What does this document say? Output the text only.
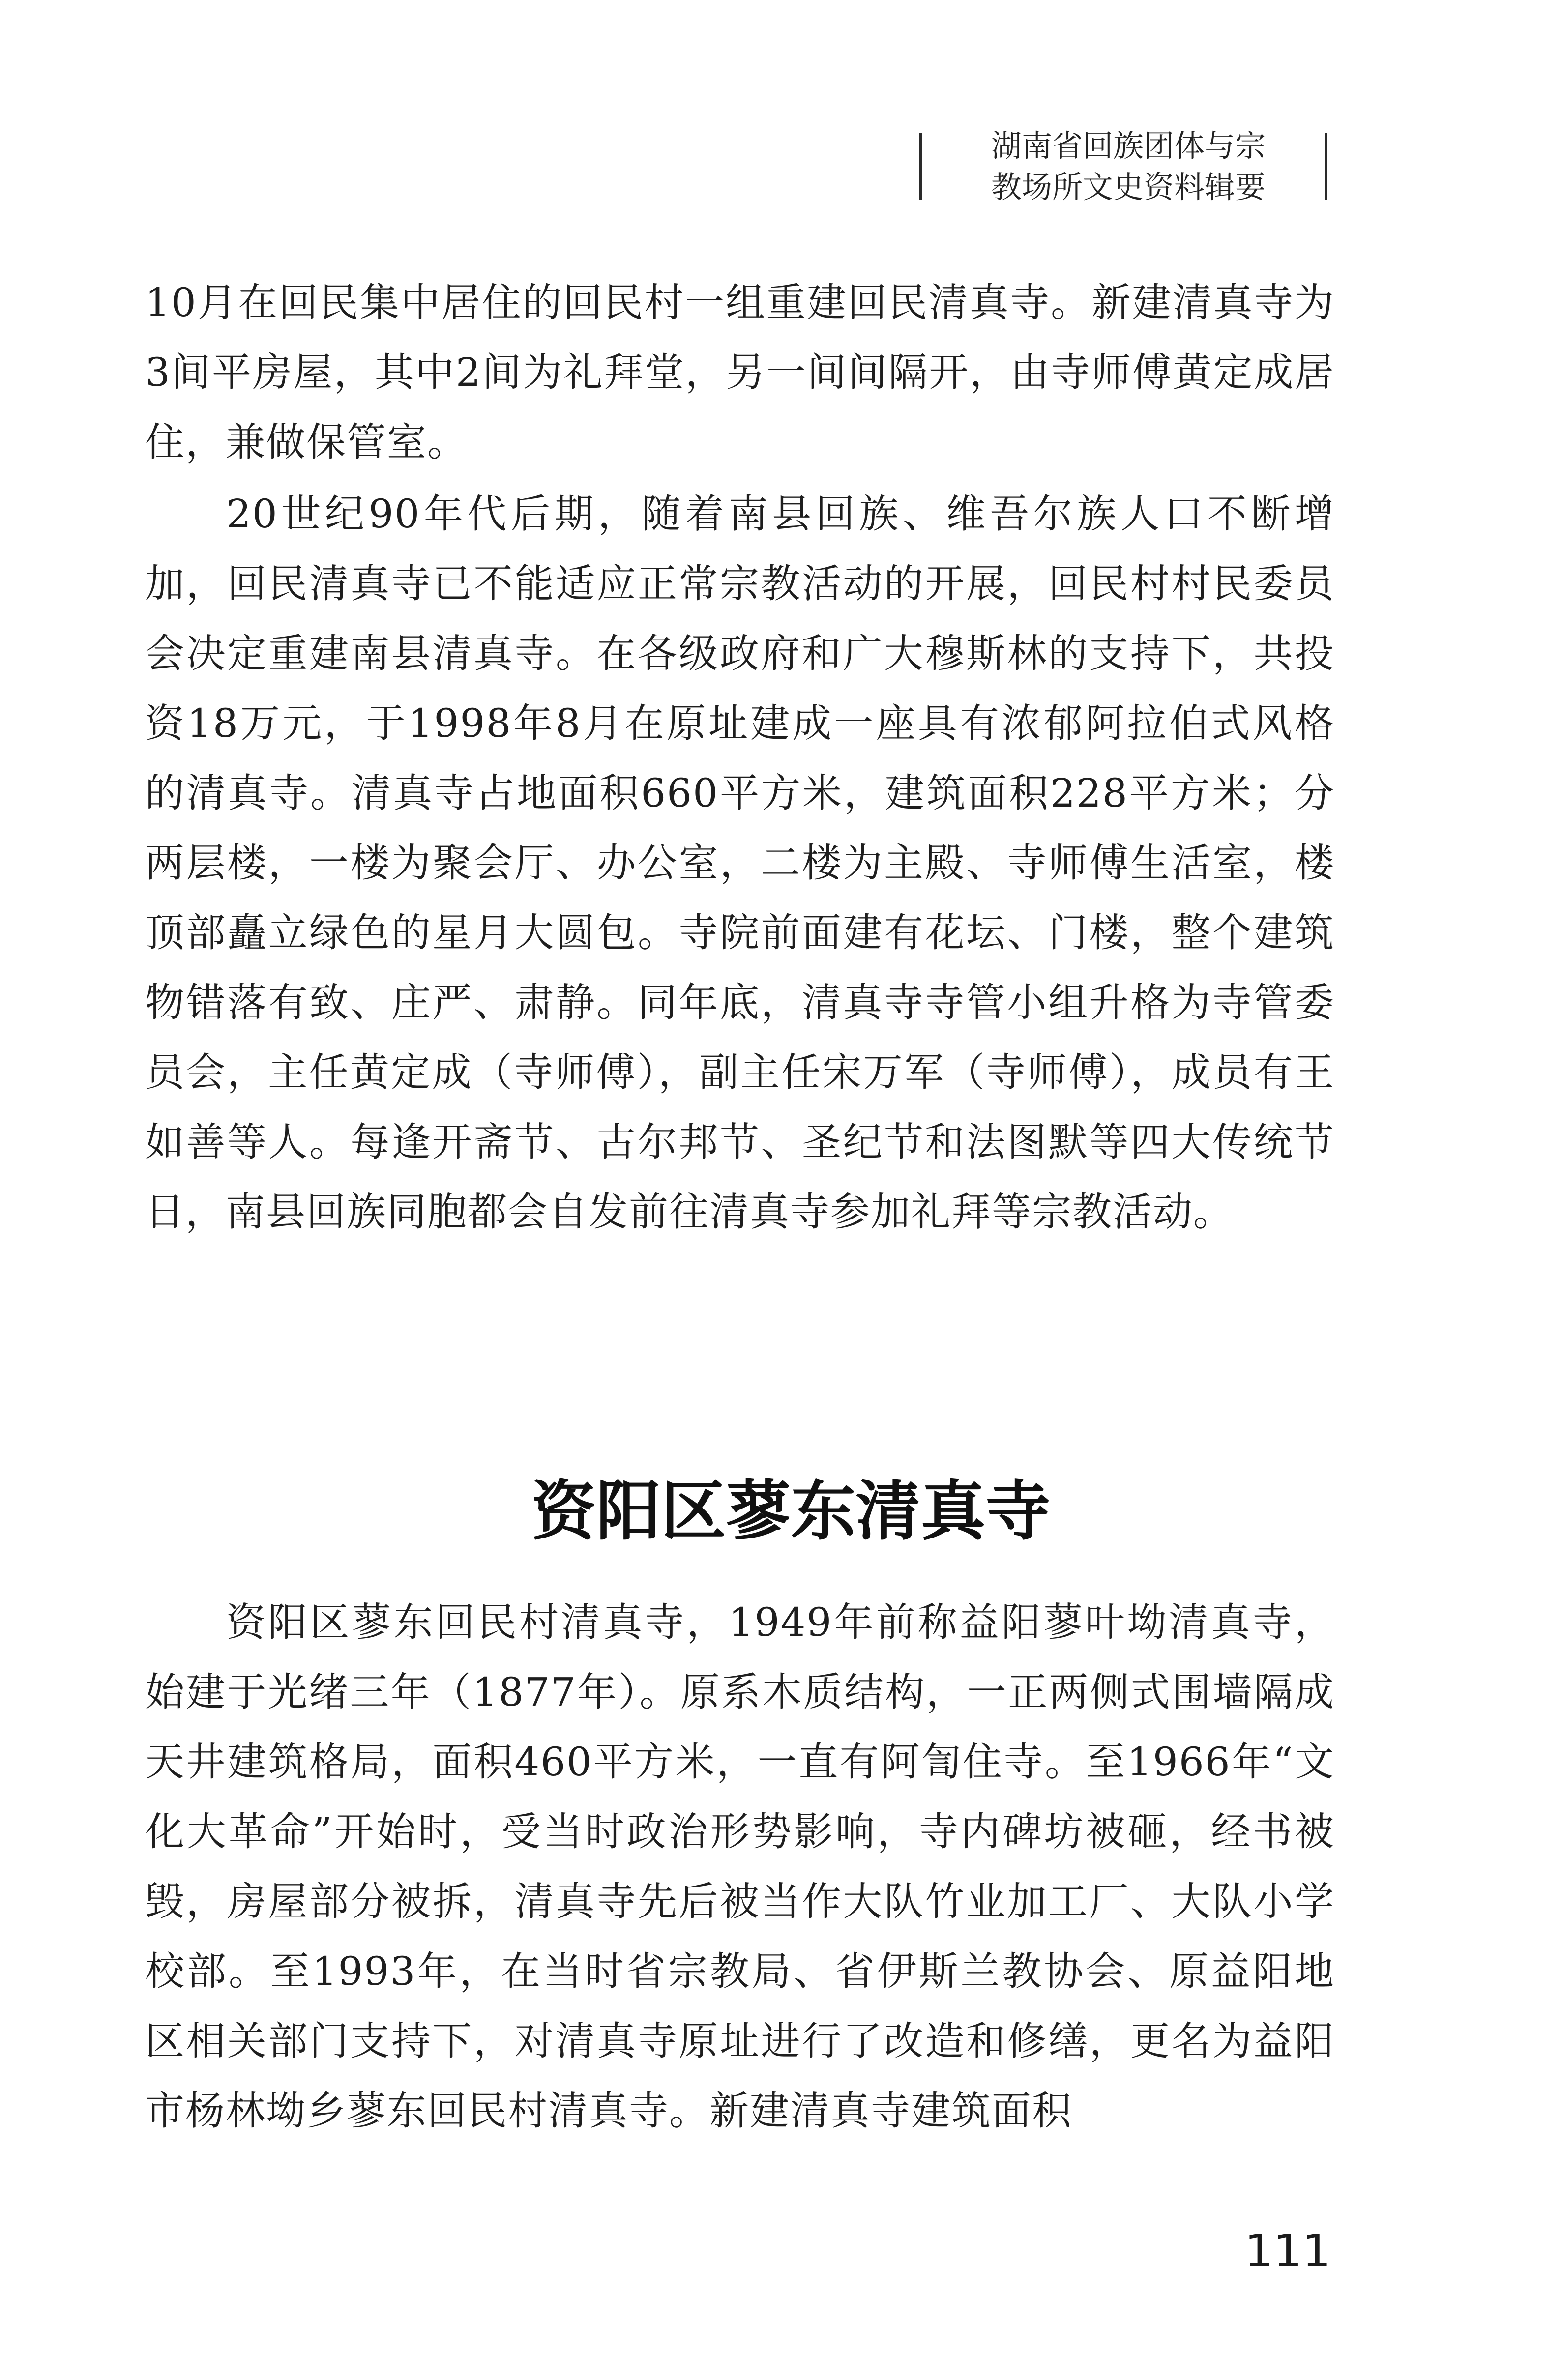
湖南省回族团体与宗
教场所文史资料辑要

10月在回民集中居住的回民村一组重建回民清真寺。新建清真寺为3间平房屋，其中2间为礼拜堂，另一间间隔开，由寺师傅黄定成居住，兼做保管室。

20世纪90年代后期，随着南县回族、维吾尔族人口不断增加，回民清真寺已不能适应正常宗教活动的开展，回民村村民委员会决定重建南县清真寺。在各级政府和广大穆斯林的支持下，共投资18万元，于1998年8月在原址建成一座具有浓郁阿拉伯式风格的清真寺。清真寺占地面积660平方米，建筑面积228平方米；分两层楼，一楼为聚会厅、办公室，二楼为主殿、寺师傅生活室，楼顶部矗立绿色的星月大圆包。寺院前面建有花坛、门楼，整个建筑物错落有致、庄严、肃静。同年底，清真寺寺管小组升格为寺管委员会，主任黄定成（寺师傅），副主任宋万军（寺师傅），成员有王如善等人。每逢开斋节、古尔邦节、圣纪节和法图默等四大传统节日，南县回族同胞都会自发前往清真寺参加礼拜等宗教活动。

资阳区蓼东清真寺

资阳区蓼东回民村清真寺，1949年前称益阳蓼叶坳清真寺，始建于光绪三年（1877年）。原系木质结构，一正两侧式围墙隔成天井建筑格局，面积460平方米，一直有阿訇住寺。至1966年“文化大革命”开始时，受当时政治形势影响，寺内碑坊被砸，经书被毁，房屋部分被拆，清真寺先后被当作大队竹业加工厂、大队小学校部。至1993年，在当时省宗教局、省伊斯兰教协会、原益阳地区相关部门支持下，对清真寺原址进行了改造和修缮，更名为益阳市杨林坳乡蓼东回民村清真寺。新建清真寺建筑面积

111
